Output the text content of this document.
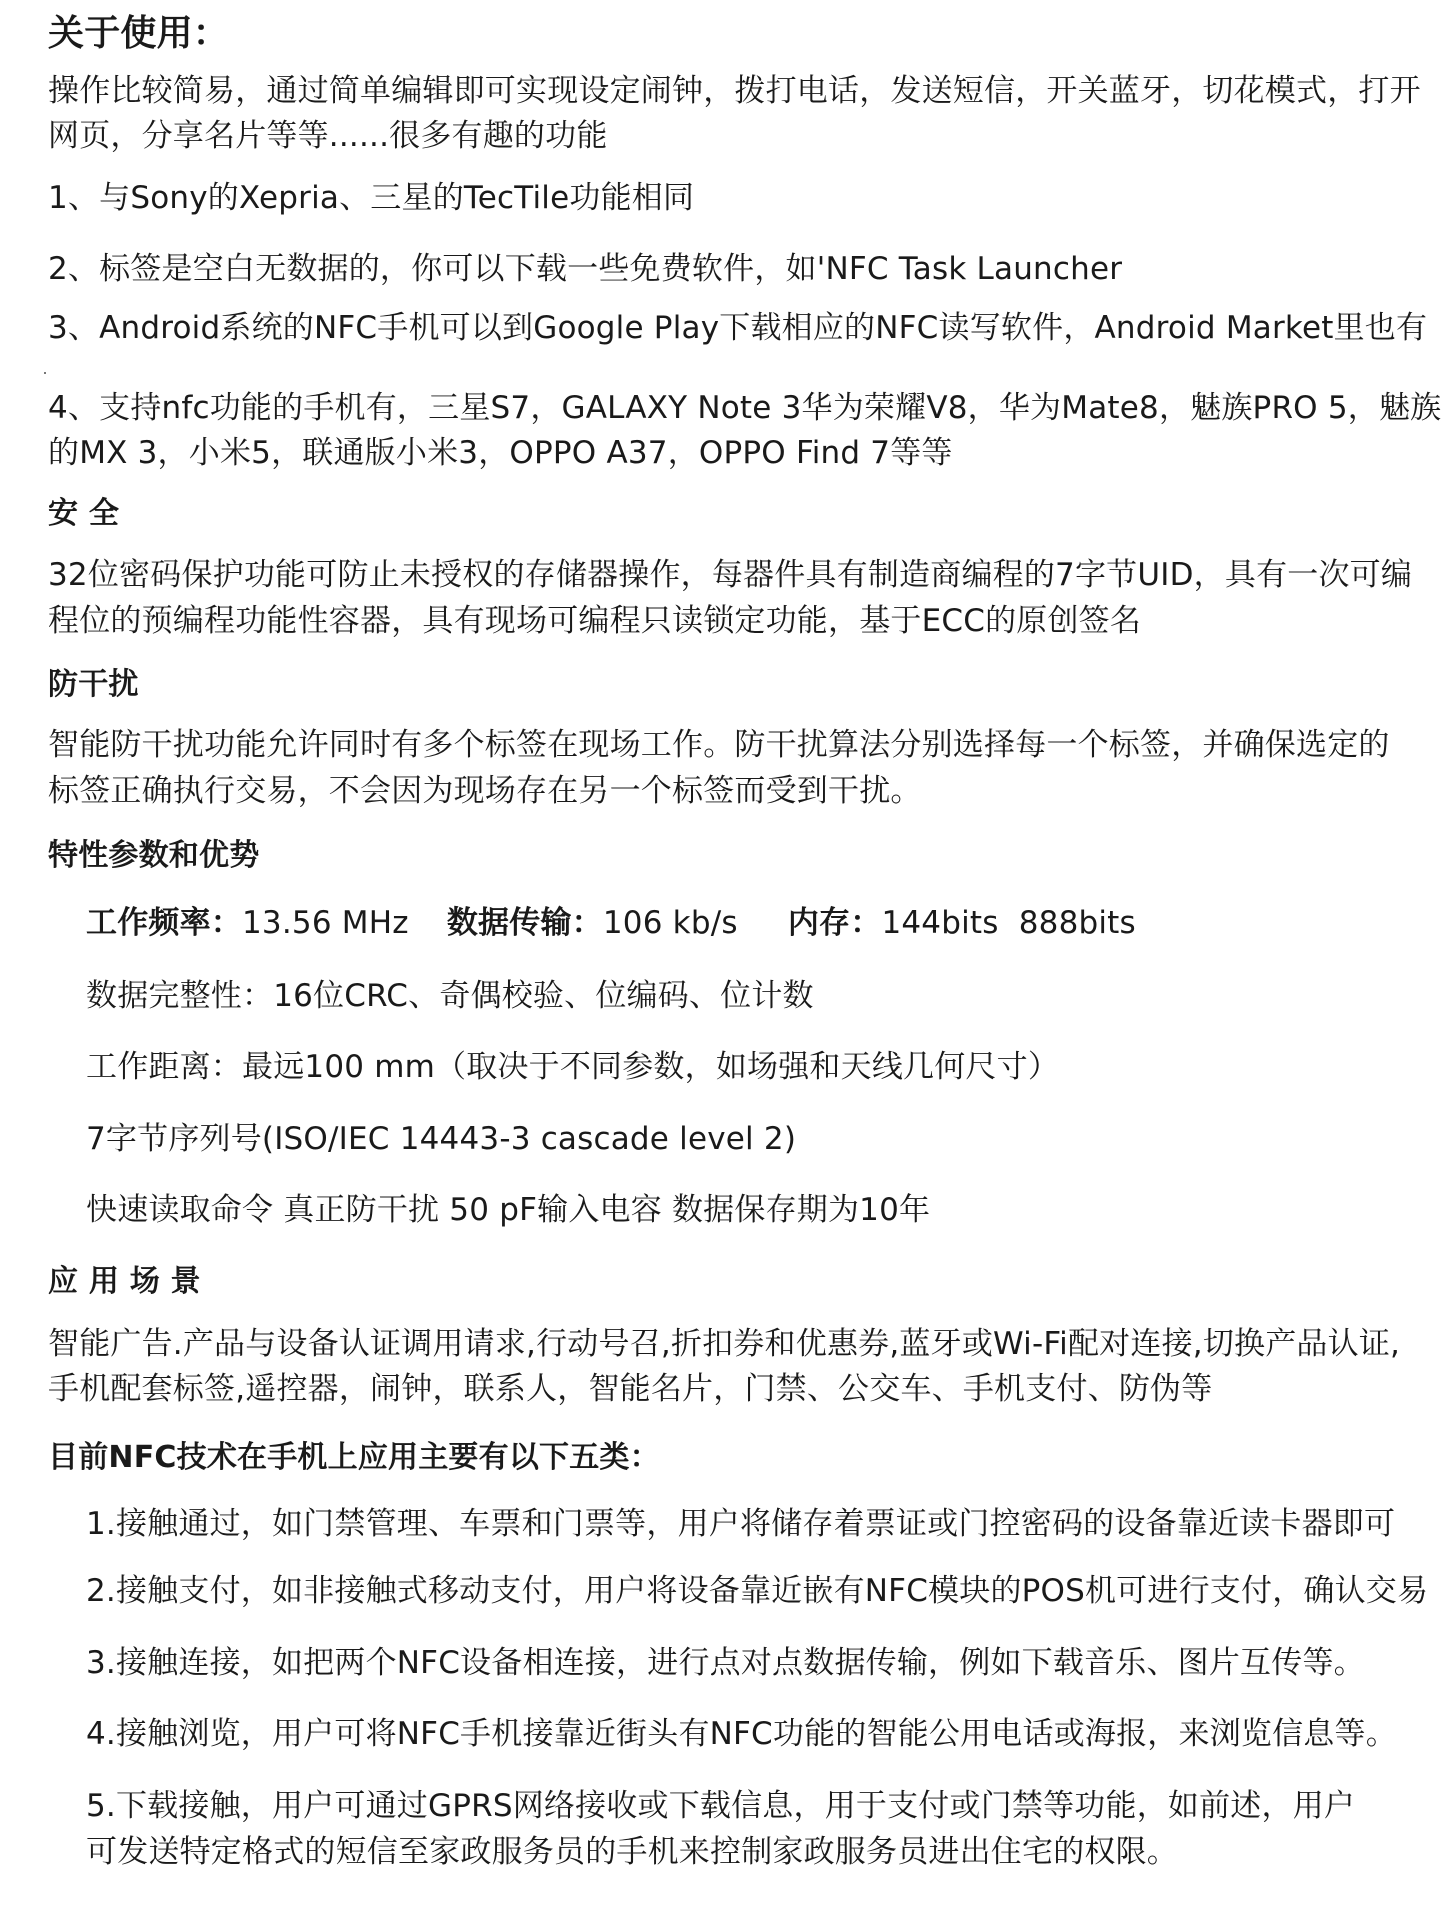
关于使用：
操作比较简易，通过简单编辑即可实现设定闹钟，拨打电话，发送短信，开关蓝牙，切花模式，打开
网页，分享名片等等......很多有趣的功能
1、与Sony的Xepria、三星的TecTile功能相同
2、标签是空白无数据的，你可以下载一些免费软件，如'NFC Task Launcher
3、Android系统的NFC手机可以到Google Play下载相应的NFC读写软件，Android Market里也有
4、支持nfc功能的手机有，三星S7，GALAXY Note 3华为荣耀V8，华为Mate8，魅族PRO 5，魅族
的MX 3，小米5，联通版小米3，OPPO A37，OPPO Find 7等等
安 全
32位密码保护功能可防止未授权的存储器操作，每器件具有制造商编程的7字节UID，具有一次可编
程位的预编程功能性容器，具有现场可编程只读锁定功能，基于ECC的原创签名
防干扰
智能防干扰功能允许同时有多个标签在现场工作。防干扰算法分别选择每一个标签，并确保选定的
标签正确执行交易，不会因为现场存在另一个标签而受到干扰。
特性参数和优势
工作频率：13.56 MHz 数据传输：106 kb/s 内存：144bits  888bits
数据完整性：16位CRC、奇偶校验、位编码、位计数
工作距离：最远100 mm（取决于不同参数，如场强和天线几何尺寸）
7字节序列号(ISO/IEC 14443-3 cascade level 2)
快速读取命令 真正防干扰 50 pF输入电容 数据保存期为10年
应 用 场 景
智能广告.产品与设备认证调用请求,行动号召,折扣券和优惠券,蓝牙或Wi-Fi配对连接,切换产品认证,
手机配套标签,遥控器，闹钟，联系人，智能名片，门禁、公交车、手机支付、防伪等
目前NFC技术在手机上应用主要有以下五类：
1.接触通过，如门禁管理、车票和门票等，用户将储存着票证或门控密码的设备靠近读卡器即可
2.接触支付，如非接触式移动支付，用户将设备靠近嵌有NFC模块的POS机可进行支付，确认交易
3.接触连接，如把两个NFC设备相连接，进行点对点数据传输，例如下载音乐、图片互传等。
4.接触浏览，用户可将NFC手机接靠近街头有NFC功能的智能公用电话或海报，来浏览信息等。
5.下载接触，用户可通过GPRS网络接收或下载信息，用于支付或门禁等功能，如前述，用户
可发送特定格式的短信至家政服务员的手机来控制家政服务员进出住宅的权限。
